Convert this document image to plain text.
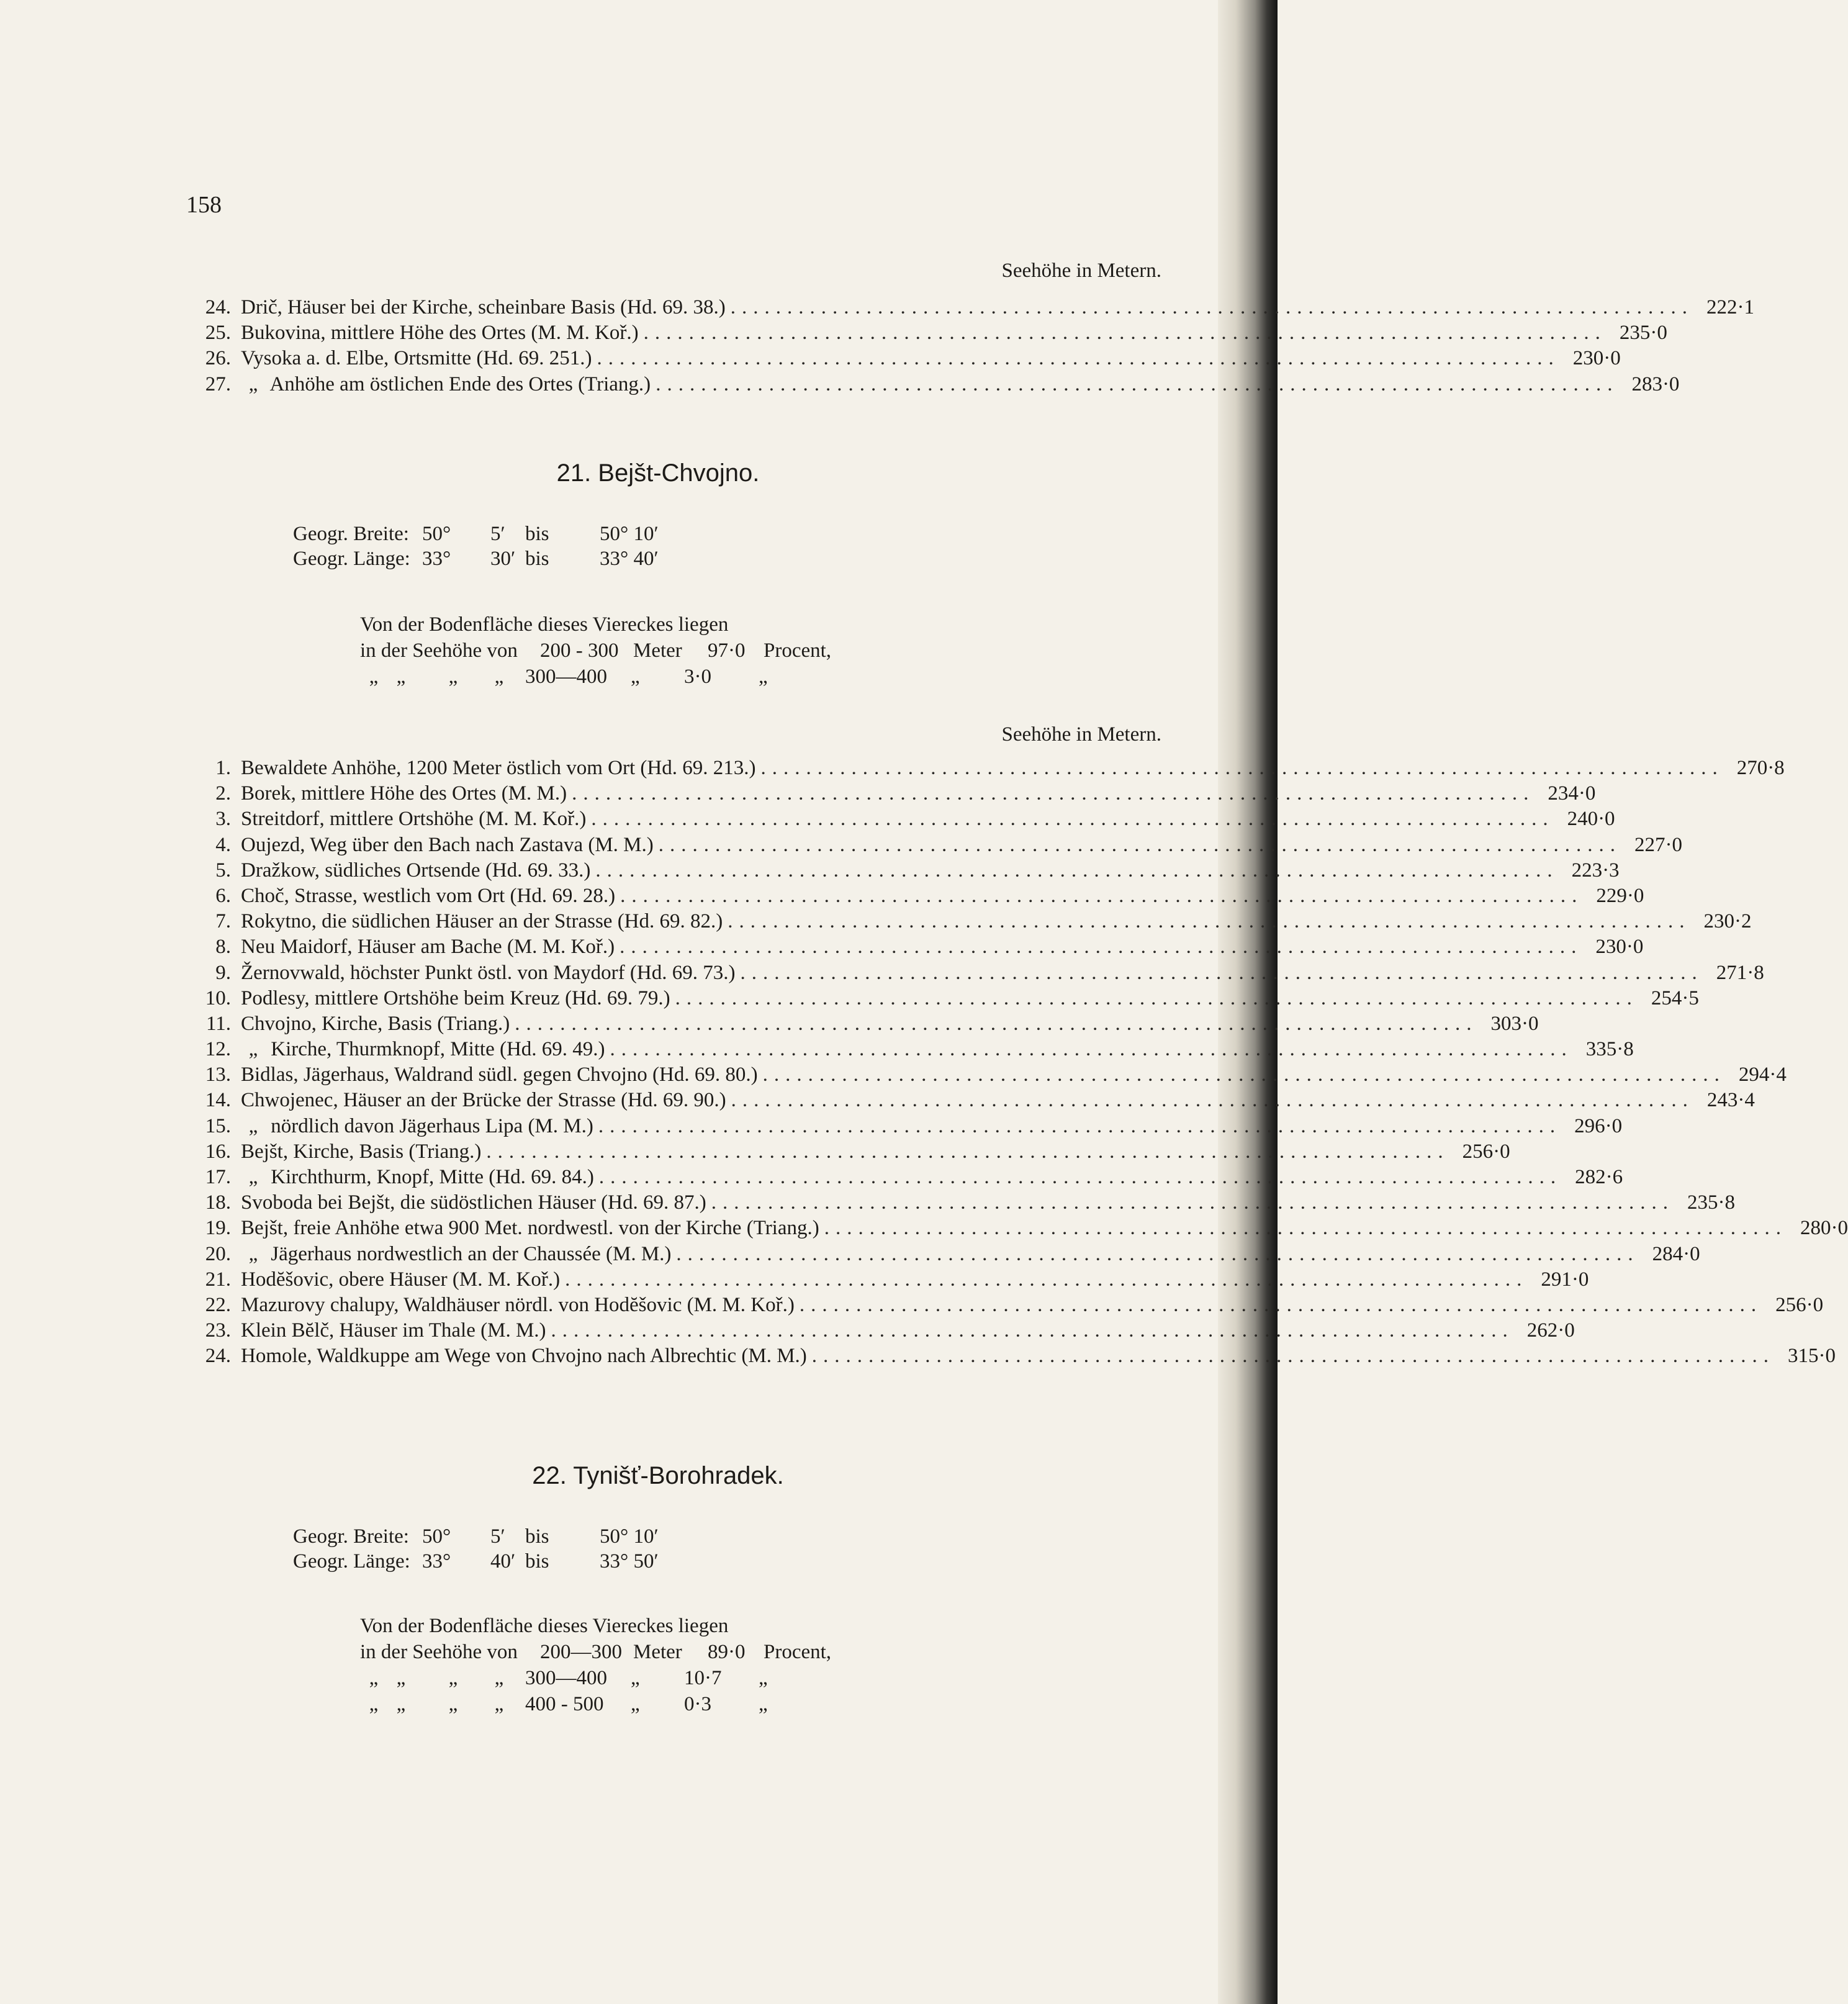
158
Seehöhe in Metern.
24. Drič, Häuser bei der Kirche, scheinbare Basis (Hd. 69. 38.) ..................................................................................... 222·1
25. Bukovina, mittlere Höhe des Ortes (M. M. Koř.) ..................................................................................... 235·0
26. Vysoka a. d. Elbe, Ortsmitte (Hd. 69. 251.) ..................................................................................... 230·0
27. „ Anhöhe am östlichen Ende des Ortes (Triang.) ..................................................................................... 283·0
21. Bejšt-Chvojno.
Geogr. Breite: 50° 5′ bis 50° 10′
Geogr. Länge: 33° 30′ bis 33° 40′
Von der Bodenfläche dieses Viereckes liegen
in der Seehöhe von	200 - 300 Meter	97·0 Procent,
„ „	„	„	300—400	„	3·0	„
Seehöhe in Metern.
1. Bewaldete Anhöhe, 1200 Meter östlich vom Ort (Hd. 69. 213.) ..................................................................................... 270·8
2. Borek, mittlere Höhe des Ortes (M. M.) ..................................................................................... 234·0
3. Streitdorf, mittlere Ortshöhe (M. M. Koř.) ..................................................................................... 240·0
4. Oujezd, Weg über den Bach nach Zastava (M. M.) ..................................................................................... 227·0
5. Dražkow, südliches Ortsende (Hd. 69. 33.) ..................................................................................... 223·3
6. Choč, Strasse, westlich vom Ort (Hd. 69. 28.) ..................................................................................... 229·0
7. Rokytno, die südlichen Häuser an der Strasse (Hd. 69. 82.) ..................................................................................... 230·2
8. Neu Maidorf, Häuser am Bache (M. M. Koř.) ..................................................................................... 230·0
9. Žernovwald, höchster Punkt östl. von Maydorf (Hd. 69. 73.) ..................................................................................... 271·8
10. Podlesy, mittlere Ortshöhe beim Kreuz (Hd. 69. 79.) ..................................................................................... 254·5
11. Chvojno, Kirche, Basis (Triang.) ..................................................................................... 303·0
12. „ Kirche, Thurmknopf, Mitte (Hd. 69. 49.) ..................................................................................... 335·8
13. Bidlas, Jägerhaus, Waldrand südl. gegen Chvojno (Hd. 69. 80.) ..................................................................................... 294·4
14. Chwojenec, Häuser an der Brücke der Strasse (Hd. 69. 90.) ..................................................................................... 243·4
15. „ nördlich davon Jägerhaus Lipa (M. M.) ..................................................................................... 296·0
16. Bejšt, Kirche, Basis (Triang.) ..................................................................................... 256·0
17. „ Kirchthurm, Knopf, Mitte (Hd. 69. 84.) ..................................................................................... 282·6
18. Svoboda bei Bejšt, die südöstlichen Häuser (Hd. 69. 87.) ..................................................................................... 235·8
19. Bejšt, freie Anhöhe etwa 900 Met. nordwestl. von der Kirche (Triang.) ..................................................................................... 280·0
20. „ Jägerhaus nordwestlich an der Chaussée (M. M.) ..................................................................................... 284·0
21. Hodĕšovic, obere Häuser (M. M. Koř.) ..................................................................................... 291·0
22. Mazurovy chalupy, Waldhäuser nördl. von Hodĕšovic (M. M. Koř.) ..................................................................................... 256·0
23. Klein Bĕlč, Häuser im Thale (M. M.) ..................................................................................... 262·0
24. Homole, Waldkuppe am Wege von Chvojno nach Albrechtic (M. M.) ..................................................................................... 315·0
22. Tynišť-Borohradek.
Geogr. Breite: 50° 5′ bis 50° 10′
Geogr. Länge: 33° 40′ bis 33° 50′
Von der Bodenfläche dieses Viereckes liegen
in der Seehöhe von	200—300 Meter	89·0 Procent,
„ „	„	„	300—400	„	10·7	„
„ „	„	„	400 - 500	„	0·3	„
